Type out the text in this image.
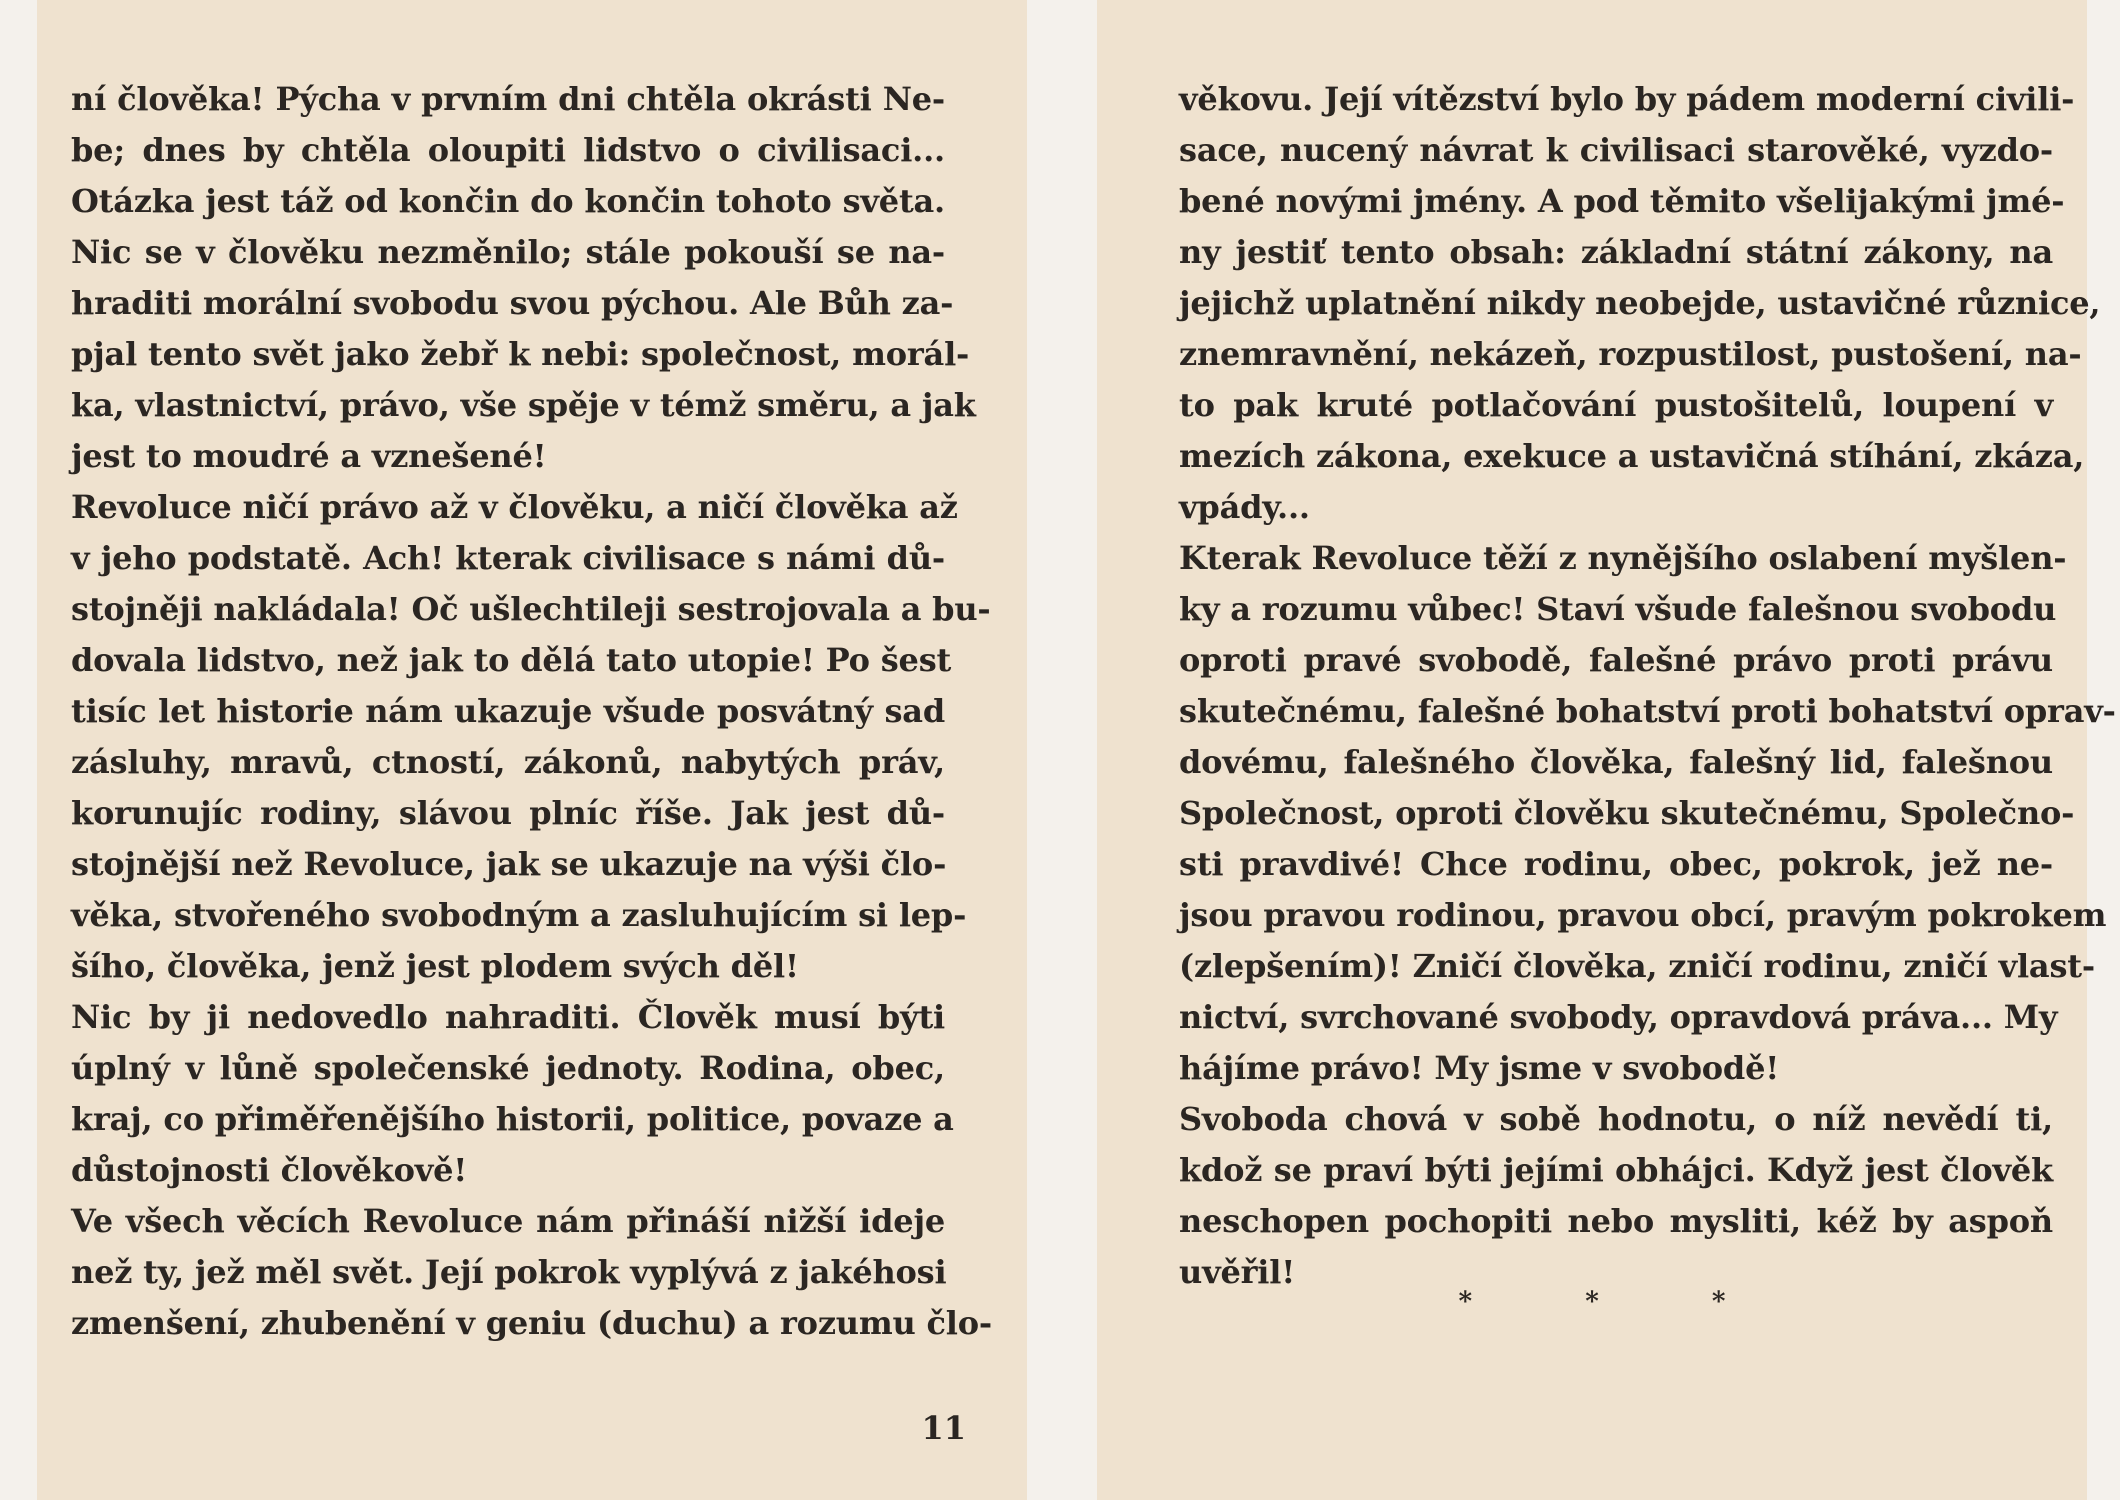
ní člověka! Pýcha v prvním dni chtěla okrásti Ne-
be; dnes by chtěla oloupiti lidstvo o civilisaci...
Otázka jest táž od končin do končin tohoto světa.
Nic se v člověku nezměnilo; stále pokouší se na-
hraditi morální svobodu svou pýchou. Ale Bůh za-
pjal tento svět jako žebř k nebi: společnost, morál-
ka, vlastnictví, právo, vše spěje v témž směru, a jak
jest to moudré a vznešené!
Revoluce ničí právo až v člověku, a ničí člověka až
v jeho podstatě. Ach! kterak civilisace s námi dů-
stojněji nakládala! Oč ušlechtileji sestrojovala a bu-
dovala lidstvo, než jak to dělá tato utopie! Po šest
tisíc let historie nám ukazuje všude posvátný sad
zásluhy, mravů, ctností, zákonů, nabytých práv,
korunujíc rodiny, slávou plníc říše. Jak jest dů-
stojnější než Revoluce, jak se ukazuje na výši člo-
věka, stvořeného svobodným a zasluhujícím si lep-
šího, člověka, jenž jest plodem svých děl!
Nic by ji nedovedlo nahraditi. Člověk musí býti
úplný v lůně společenské jednoty. Rodina, obec,
kraj, co přiměřenějšího historii, politice, povaze a
důstojnosti člověkově!
Ve všech věcích Revoluce nám přináší nižší ideje
než ty, jež měl svět. Její pokrok vyplývá z jakéhosi
zmenšení, zhubenění v geniu (duchu) a rozumu člo-
11
věkovu. Její vítězství bylo by pádem moderní civili-
sace, nucený návrat k civilisaci starověké, vyzdo-
bené novými jmény. A pod těmito všelijakými jmé-
ny jestiť tento obsah: základní státní zákony, na
jejichž uplatnění nikdy neobejde, ustavičné různice,
znemravnění, nekázeň, rozpustilost, pustošení, na-
to pak kruté potlačování pustošitelů, loupení v
mezích zákona, exekuce a ustavičná stíhání, zkáza,
vpády...
Kterak Revoluce těží z nynějšího oslabení myšlen-
ky a rozumu vůbec! Staví všude falešnou svobodu
oproti pravé svobodě, falešné právo proti právu
skutečnému, falešné bohatství proti bohatství oprav-
dovému, falešného člověka, falešný lid, falešnou
Společnost, oproti člověku skutečnému, Společno-
sti pravdivé! Chce rodinu, obec, pokrok, jež ne-
jsou pravou rodinou, pravou obcí, pravým pokrokem
(zlepšením)! Zničí člověka, zničí rodinu, zničí vlast-
nictví, svrchované svobody, opravdová práva... My
hájíme právo! My jsme v svobodě!
Svoboda chová v sobě hodnotu, o níž nevědí ti,
kdož se praví býti jejími obhájci. Když jest člověk
neschopen pochopiti nebo mysliti, kéž by aspoň
uvěřil!
* * *
